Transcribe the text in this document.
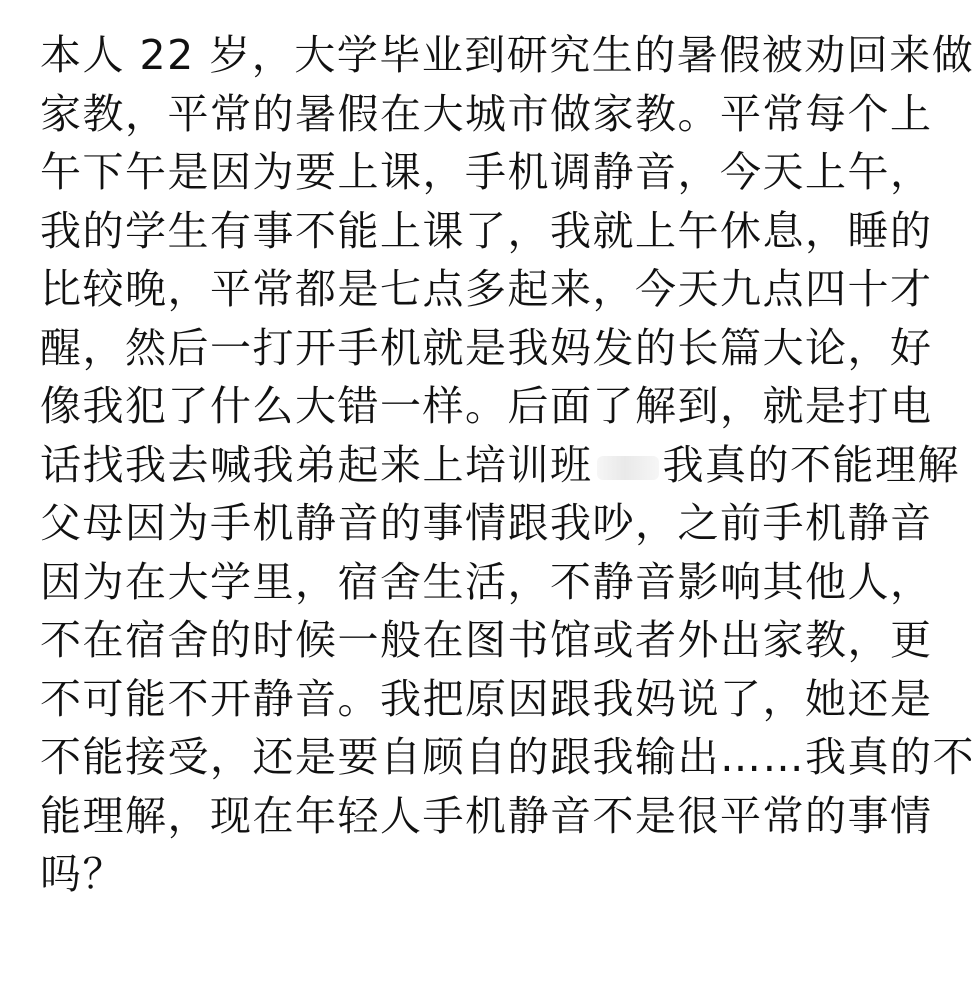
本人 22 岁，大学毕业到研究生的暑假被劝回来做
家教，平常的暑假在大城市做家教。平常每个上
午下午是因为要上课，手机调静音，今天上午，
我的学生有事不能上课了，我就上午休息，睡的
比较晚，平常都是七点多起来，今天九点四十才
醒，然后一打开手机就是我妈发的长篇大论，好
像我犯了什么大错一样。后面了解到，就是打电
话找我去喊我弟起来上培训班 我真的不能理解
父母因为手机静音的事情跟我吵，之前手机静音
因为在大学里，宿舍生活，不静音影响其他人，
不在宿舍的时候一般在图书馆或者外出家教，更
不可能不开静音。我把原因跟我妈说了，她还是
不能接受，还是要自顾自的跟我输出……我真的不
能理解，现在年轻人手机静音不是很平常的事情
吗？
